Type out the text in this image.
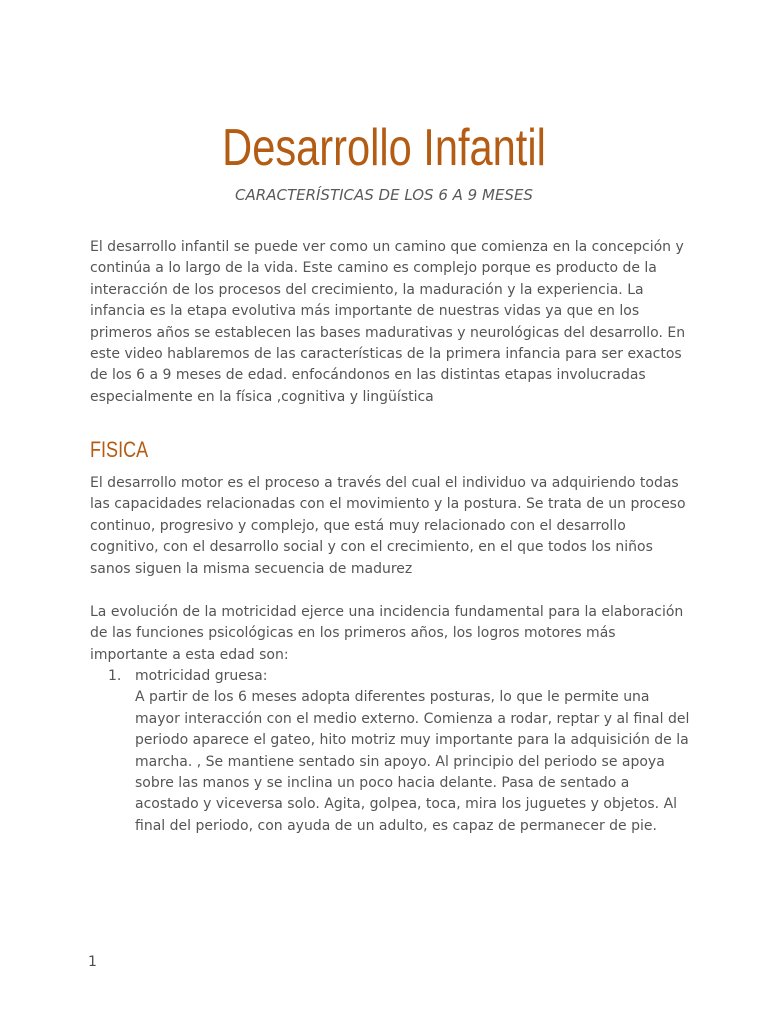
Desarrollo Infantil

CARACTERÍSTICAS DE LOS 6 A 9 MESES

El desarrollo infantil se puede ver como un camino que comienza en la concepción y continúa a lo largo de la vida. Este camino es complejo porque es producto de la interacción de los procesos del crecimiento, la maduración y la experiencia. La infancia es la etapa evolutiva más importante de nuestras vidas ya que en los primeros años se establecen las bases madurativas y neurológicas del desarrollo. En este video hablaremos de las características de la primera infancia para ser exactos de los 6 a 9 meses de edad. enfocándonos en las distintas etapas involucradas especialmente en la física ,cognitiva y lingüística

FISICA

El desarrollo motor es el proceso a través del cual el individuo va adquiriendo todas las capacidades relacionadas con el movimiento y la postura. Se trata de un proceso continuo, progresivo y complejo, que está muy relacionado con el desarrollo cognitivo, con el desarrollo social y con el crecimiento, en el que todos los niños sanos siguen la misma secuencia de madurez

La evolución de la motricidad ejerce una incidencia fundamental para la elaboración de las funciones psicológicas en los primeros años, los logros motores más importante a esta edad son:

1. motricidad gruesa:
A partir de los 6 meses adopta diferentes posturas, lo que le permite una mayor interacción con el medio externo. Comienza a rodar, reptar y al final del periodo aparece el gateo, hito motriz muy importante para la adquisición de la marcha. , Se mantiene sentado sin apoyo. Al principio del periodo se apoya sobre las manos y se inclina un poco hacia delante. Pasa de sentado a acostado y viceversa solo. Agita, golpea, toca, mira los juguetes y objetos. Al final del periodo, con ayuda de un adulto, es capaz de permanecer de pie.

1
